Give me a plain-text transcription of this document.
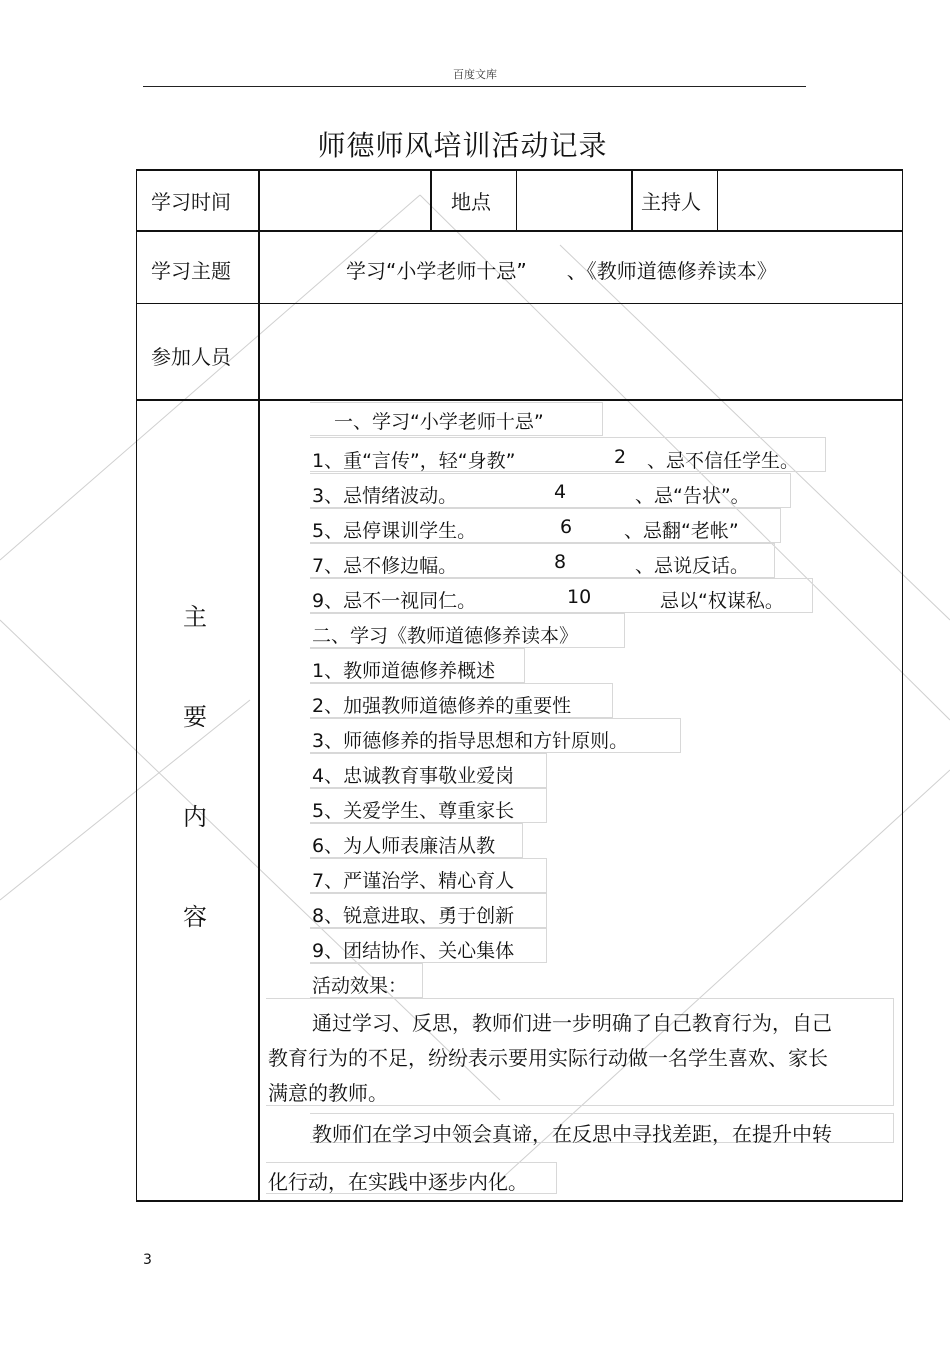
百度文库
师德师风培训活动记录
学习时间	地点	主持人
学习主题	学习“小学老师十忌”　　、《教师道德修养读本》
参加人员
主
要
内
容
一、学习“小学老师十忌”
1、重“言传”，轻“身教”	2 、忌不信任学生。
3、忌情绪波动。	4	、忌“告状”。
5、忌停课训学生。	6	、忌翻“老帐”
7、忌不修边幅。	8	、忌说反话。
9、忌不一视同仁。	10	忌以“权谋私。
二、学习《教师道德修养读本》
1、教师道德修养概述
2、加强教师道德修养的重要性
3、师德修养的指导思想和方针原则。
4、忠诚教育事敬业爱岗
5、关爱学生、尊重家长
6、为人师表廉洁从教
7、严谨治学、精心育人
8、锐意进取、勇于创新
9、团结协作、关心集体
活动效果：
通过学习、反思，教师们进一步明确了自己教育行为，自己
教育行为的不足，纷纷表示要用实际行动做一名学生喜欢、家长
满意的教师。
教师们在学习中领会真谛，在反思中寻找差距，在提升中转
化行动，在实践中逐步内化。
3
